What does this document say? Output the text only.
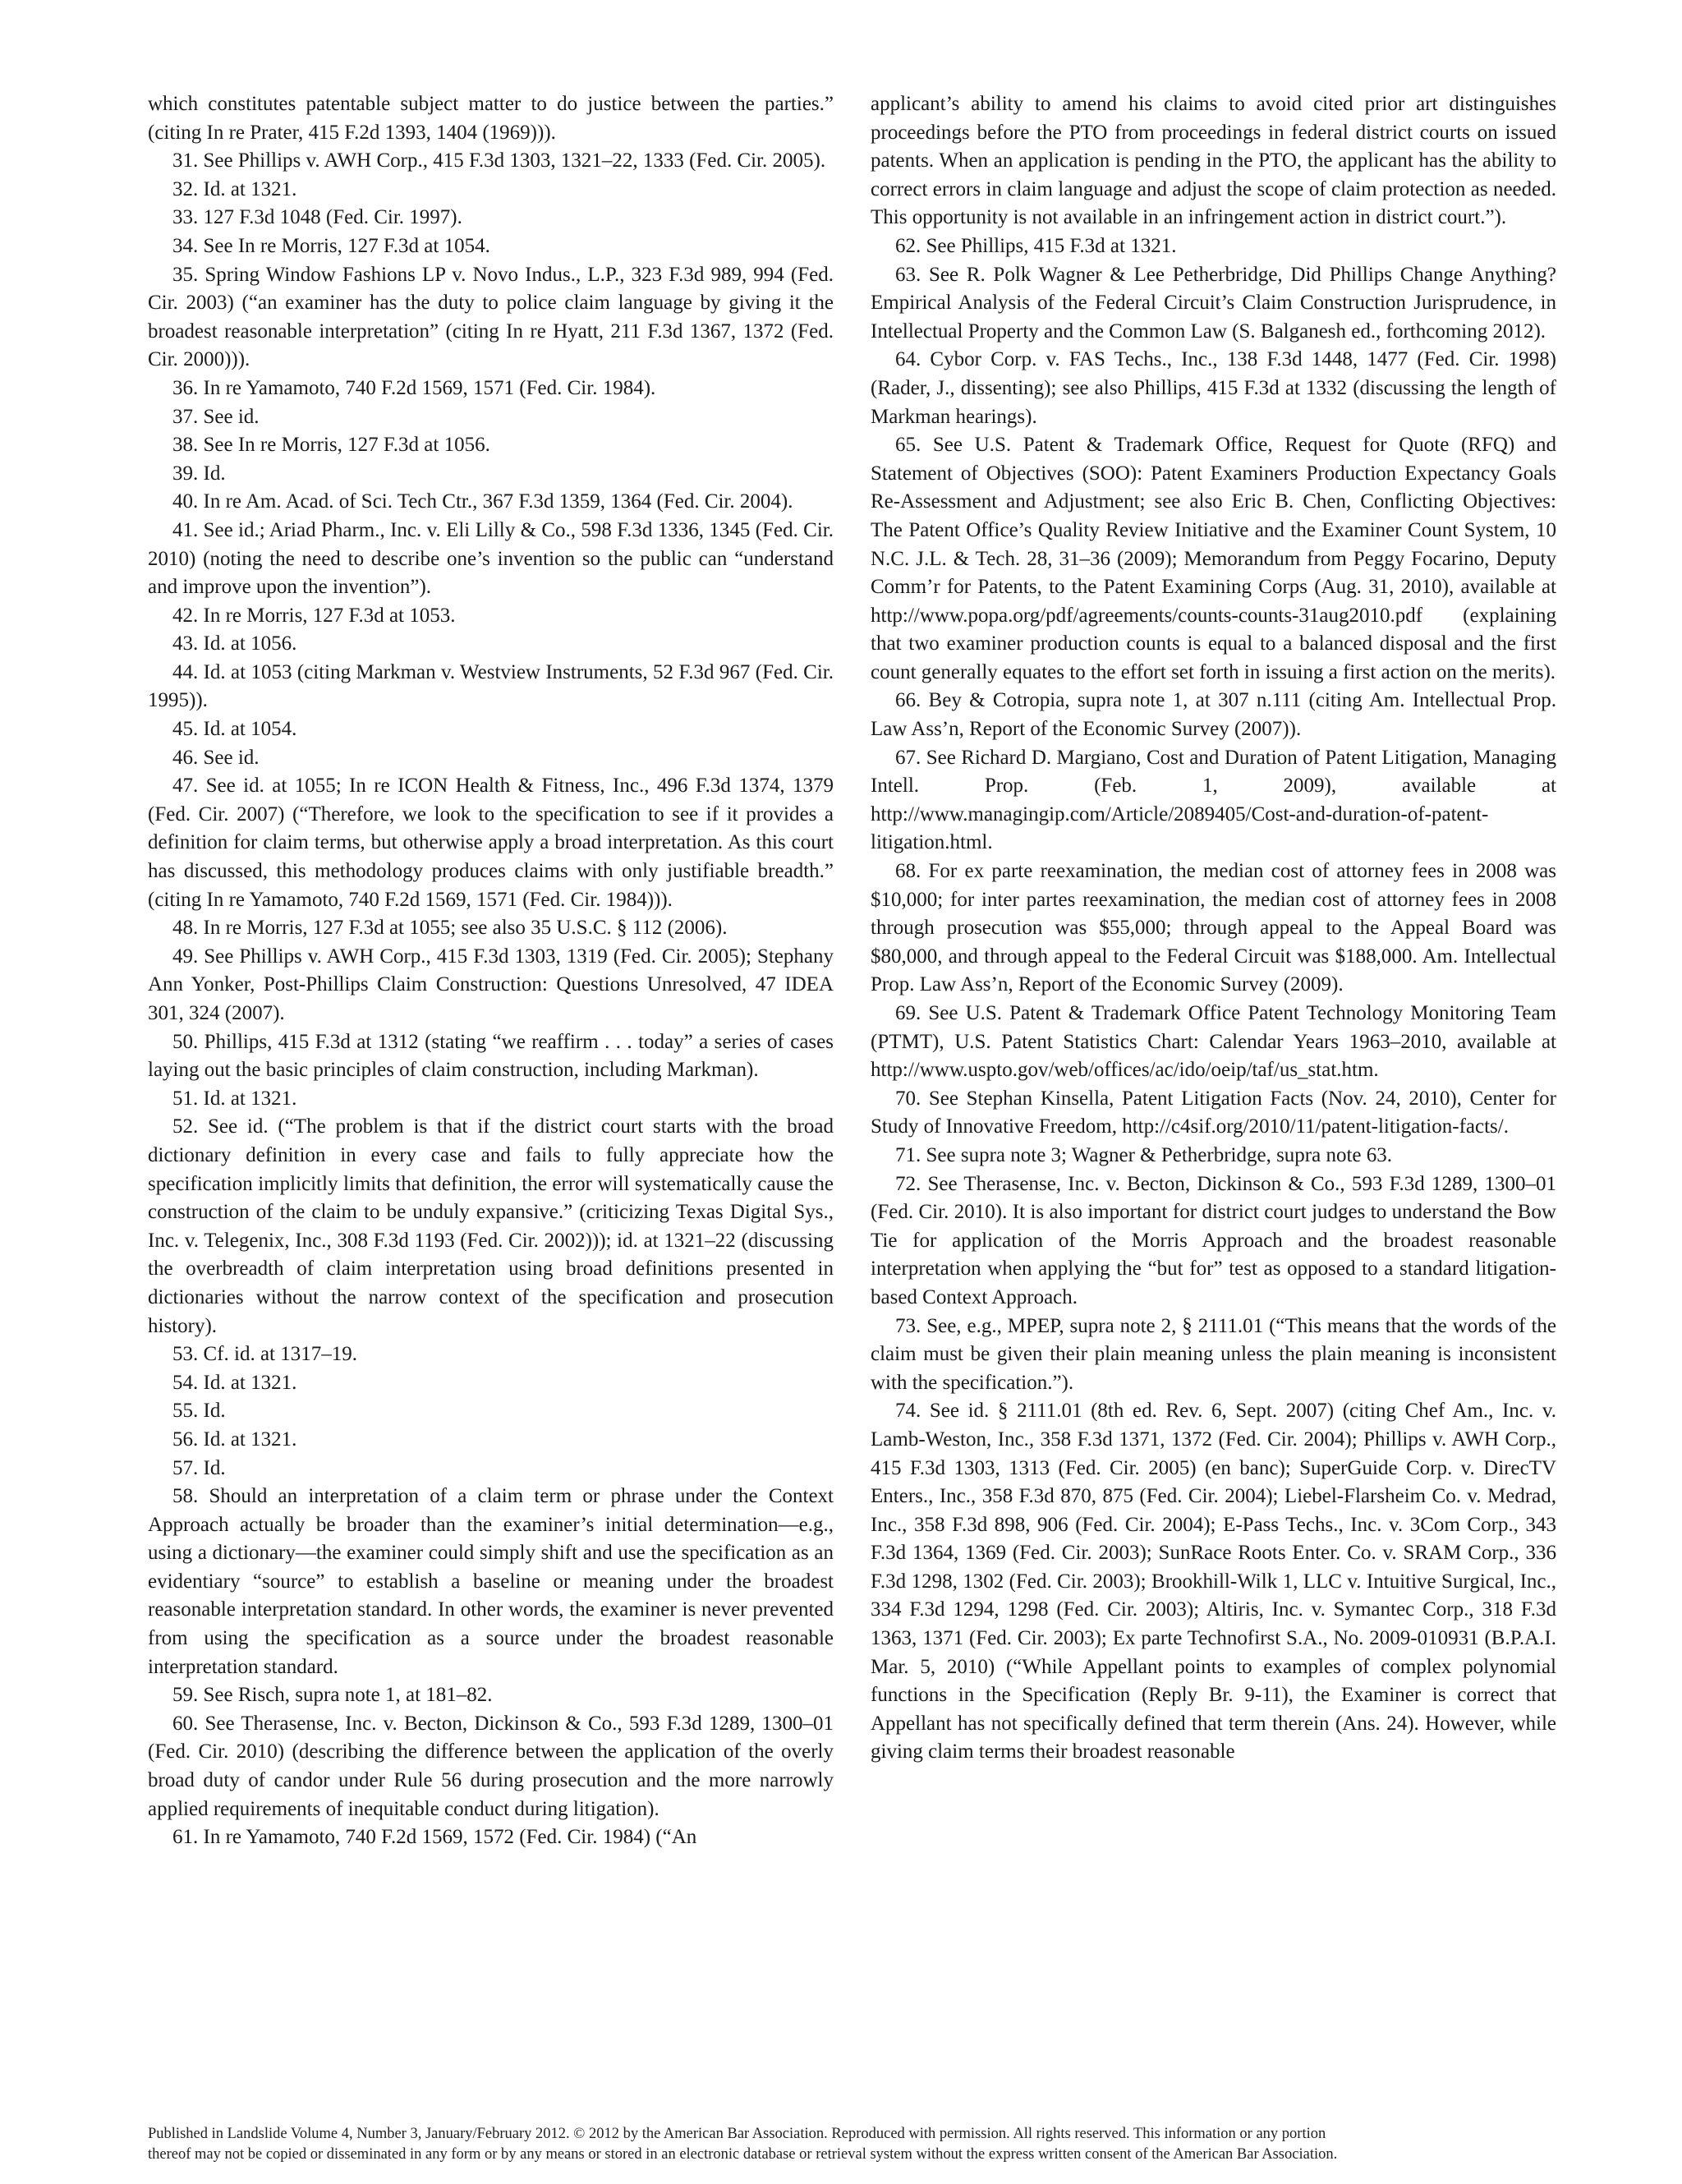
which constitutes patentable subject matter to do justice between the parties.” (citing In re Prater, 415 F.2d 1393, 1404 (1969))).

31. See Phillips v. AWH Corp., 415 F.3d 1303, 1321–22, 1333 (Fed. Cir. 2005).

32. Id. at 1321.

33. 127 F.3d 1048 (Fed. Cir. 1997).

34. See In re Morris, 127 F.3d at 1054.

35. Spring Window Fashions LP v. Novo Indus., L.P., 323 F.3d 989, 994 (Fed. Cir. 2003) (“an examiner has the duty to police claim language by giving it the broadest reasonable interpretation” (citing In re Hyatt, 211 F.3d 1367, 1372 (Fed. Cir. 2000))).

36. In re Yamamoto, 740 F.2d 1569, 1571 (Fed. Cir. 1984).

37. See id.

38. See In re Morris, 127 F.3d at 1056.

39. Id.

40. In re Am. Acad. of Sci. Tech Ctr., 367 F.3d 1359, 1364 (Fed. Cir. 2004).

41. See id.; Ariad Pharm., Inc. v. Eli Lilly & Co., 598 F.3d 1336, 1345 (Fed. Cir. 2010) (noting the need to describe one’s invention so the public can “understand and improve upon the invention”).

42. In re Morris, 127 F.3d at 1053.

43. Id. at 1056.

44. Id. at 1053 (citing Markman v. Westview Instruments, 52 F.3d 967 (Fed. Cir. 1995)).

45. Id. at 1054.

46. See id.

47. See id. at 1055; In re ICON Health & Fitness, Inc., 496 F.3d 1374, 1379 (Fed. Cir. 2007) (“Therefore, we look to the specification to see if it provides a definition for claim terms, but otherwise apply a broad interpretation. As this court has discussed, this methodology produces claims with only justifiable breadth.” (citing In re Yamamoto, 740 F.2d 1569, 1571 (Fed. Cir. 1984))).

48. In re Morris, 127 F.3d at 1055; see also 35 U.S.C. § 112 (2006).

49. See Phillips v. AWH Corp., 415 F.3d 1303, 1319 (Fed. Cir. 2005); Stephany Ann Yonker, Post-Phillips Claim Construction: Questions Unresolved, 47 IDEA 301, 324 (2007).

50. Phillips, 415 F.3d at 1312 (stating “we reaffirm . . . today” a series of cases laying out the basic principles of claim construction, including Markman).

51. Id. at 1321.

52. See id. (“The problem is that if the district court starts with the broad dictionary definition in every case and fails to fully appreciate how the specification implicitly limits that definition, the error will systematically cause the construction of the claim to be unduly expansive.” (criticizing Texas Digital Sys., Inc. v. Telegenix, Inc., 308 F.3d 1193 (Fed. Cir. 2002))); id. at 1321–22 (discussing the overbreadth of claim interpretation using broad definitions presented in dictionaries without the narrow context of the specification and prosecution history).

53. Cf. id. at 1317–19.

54. Id. at 1321.

55. Id.

56. Id. at 1321.

57. Id.

58. Should an interpretation of a claim term or phrase under the Context Approach actually be broader than the examiner’s initial determination—e.g., using a dictionary—the examiner could simply shift and use the specification as an evidentiary “source” to establish a baseline or meaning under the broadest reasonable interpretation standard. In other words, the examiner is never prevented from using the specification as a source under the broadest reasonable interpretation standard.

59. See Risch, supra note 1, at 181–82.

60. See Therasense, Inc. v. Becton, Dickinson & Co., 593 F.3d 1289, 1300–01 (Fed. Cir. 2010) (describing the difference between the application of the overly broad duty of candor under Rule 56 during prosecution and the more narrowly applied requirements of inequitable conduct during litigation).

61. In re Yamamoto, 740 F.2d 1569, 1572 (Fed. Cir. 1984) (“An

applicant’s ability to amend his claims to avoid cited prior art distinguishes proceedings before the PTO from proceedings in federal district courts on issued patents. When an application is pending in the PTO, the applicant has the ability to correct errors in claim language and adjust the scope of claim protection as needed. This opportunity is not available in an infringement action in district court.”).

62. See Phillips, 415 F.3d at 1321.

63. See R. Polk Wagner & Lee Petherbridge, Did Phillips Change Anything? Empirical Analysis of the Federal Circuit’s Claim Construction Jurisprudence, in Intellectual Property and the Common Law (S. Balganesh ed., forthcoming 2012).

64. Cybor Corp. v. FAS Techs., Inc., 138 F.3d 1448, 1477 (Fed. Cir. 1998) (Rader, J., dissenting); see also Phillips, 415 F.3d at 1332 (discussing the length of Markman hearings).

65. See U.S. Patent & Trademark Office, Request for Quote (RFQ) and Statement of Objectives (SOO): Patent Examiners Production Expectancy Goals Re-Assessment and Adjustment; see also Eric B. Chen, Conflicting Objectives: The Patent Office’s Quality Review Initiative and the Examiner Count System, 10 N.C. J.L. & Tech. 28, 31–36 (2009); Memorandum from Peggy Focarino, Deputy Comm’r for Patents, to the Patent Examining Corps (Aug. 31, 2010), available at http://www.popa.org/pdf/agreements/counts-counts-31aug2010.pdf (explaining that two examiner production counts is equal to a balanced disposal and the first count generally equates to the effort set forth in issuing a first action on the merits).

66. Bey & Cotropia, supra note 1, at 307 n.111 (citing Am. Intellectual Prop. Law Ass’n, Report of the Economic Survey (2007)).

67. See Richard D. Margiano, Cost and Duration of Patent Litigation, Managing Intell. Prop. (Feb. 1, 2009), available at http://www.managingip.com/Article/2089405/Cost-and-duration-of-patent-litigation.html.

68. For ex parte reexamination, the median cost of attorney fees in 2008 was $10,000; for inter partes reexamination, the median cost of attorney fees in 2008 through prosecution was $55,000; through appeal to the Appeal Board was $80,000, and through appeal to the Federal Circuit was $188,000. Am. Intellectual Prop. Law Ass’n, Report of the Economic Survey (2009).

69. See U.S. Patent & Trademark Office Patent Technology Monitoring Team (PTMT), U.S. Patent Statistics Chart: Calendar Years 1963–2010, available at http://www.uspto.gov/web/offices/ac/ido/oeip/taf/us_stat.htm.

70. See Stephan Kinsella, Patent Litigation Facts (Nov. 24, 2010), Center for Study of Innovative Freedom, http://c4sif.org/2010/11/patent-litigation-facts/.

71. See supra note 3; Wagner & Petherbridge, supra note 63.

72. See Therasense, Inc. v. Becton, Dickinson & Co., 593 F.3d 1289, 1300–01 (Fed. Cir. 2010). It is also important for district court judges to understand the Bow Tie for application of the Morris Approach and the broadest reasonable interpretation when applying the “but for” test as opposed to a standard litigation-based Context Approach.

73. See, e.g., MPEP, supra note 2, § 2111.01 (“This means that the words of the claim must be given their plain meaning unless the plain meaning is inconsistent with the specification.”).

74. See id. § 2111.01 (8th ed. Rev. 6, Sept. 2007) (citing Chef Am., Inc. v. Lamb-Weston, Inc., 358 F.3d 1371, 1372 (Fed. Cir. 2004); Phillips v. AWH Corp., 415 F.3d 1303, 1313 (Fed. Cir. 2005) (en banc); SuperGuide Corp. v. DirecTV Enters., Inc., 358 F.3d 870, 875 (Fed. Cir. 2004); Liebel-Flarsheim Co. v. Medrad, Inc., 358 F.3d 898, 906 (Fed. Cir. 2004); E-Pass Techs., Inc. v. 3Com Corp., 343 F.3d 1364, 1369 (Fed. Cir. 2003); SunRace Roots Enter. Co. v. SRAM Corp., 336 F.3d 1298, 1302 (Fed. Cir. 2003); Brookhill-Wilk 1, LLC v. Intuitive Surgical, Inc., 334 F.3d 1294, 1298 (Fed. Cir. 2003); Altiris, Inc. v. Symantec Corp., 318 F.3d 1363, 1371 (Fed. Cir. 2003); Ex parte Technofirst S.A., No. 2009-010931 (B.P.A.I. Mar. 5, 2010) (“While Appellant points to examples of complex polynomial functions in the Specification (Reply Br. 9-11), the Examiner is correct that Appellant has not specifically defined that term therein (Ans. 24). However, while giving claim terms their broadest reasonable

Published in Landslide Volume 4, Number 3, January/February 2012. © 2012 by the American Bar Association. Reproduced with permission. All rights reserved. This information or any portion

thereof may not be copied or disseminated in any form or by any means or stored in an electronic database or retrieval system without the express written consent of the American Bar Association.
